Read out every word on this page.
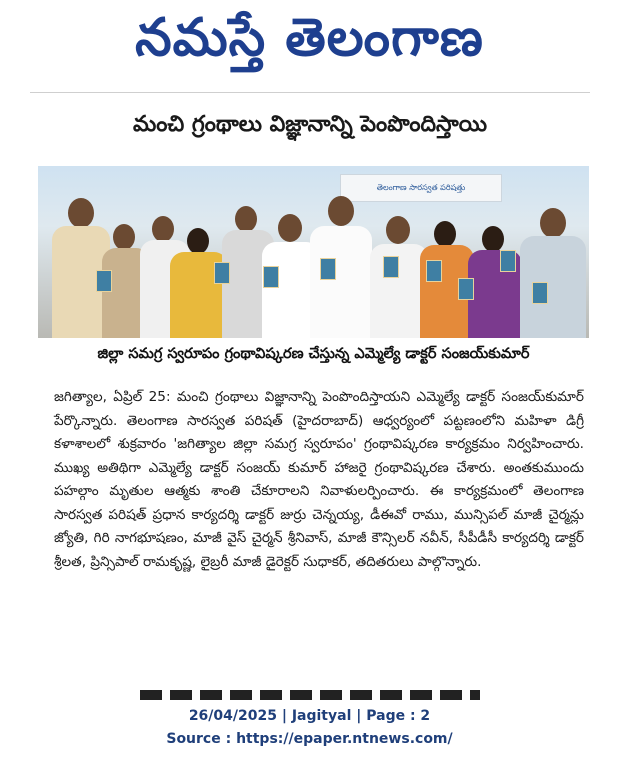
నమస్తే తెలంగాణ
మంచి గ్రంథాలు విజ్ఞానాన్ని పెంపొందిస్తాయి
తెలంగాణ సారస్వత పరిషత్తు
జిల్లా సమగ్ర స్వరూపం గ్రంథావిష్కరణ చేస్తున్న ఎమ్మెల్యే డాక్టర్ సంజయ్‌కుమార్

జగిత్యాల, ఏప్రిల్ 25: మంచి గ్రంథాలు విజ్ఞానాన్ని పెంపొందిస్తాయని ఎమ్మెల్యే డాక్టర్ సంజయ్‌కుమార్ పేర్కొన్నారు. తెలంగాణ సారస్వత పరిషత్ (హైదరాబాద్) ఆధ్వర్యంలో పట్టణంలోని మహిళా డిగ్రీ కళాశాలలో శుక్రవారం 'జగిత్యాల జిల్లా సమగ్ర స్వరూపం' గ్రంథావిష్కరణ కార్యక్రమం నిర్వహించారు. ముఖ్య అతిథిగా ఎమ్మెల్యే డాక్టర్ సంజయ్ కుమార్ హాజరై గ్రంథావిష్కరణ చేశారు. అంతకుముందు పహల్గాం మృతుల ఆత్మకు శాంతి చేకూరాలని నివాళులర్పించారు. ఈ కార్యక్రమంలో తెలంగాణ సారస్వత పరిషత్ ప్రధాన కార్యదర్శి డాక్టర్ జుర్రు చెన్నయ్య, డీఈవో రాము, మున్సిపల్ మాజీ చైర్మన్లు జ్యోతి, గిరి నాగభూషణం, మాజీ వైస్ చైర్మన్ శ్రీనివాస్, మాజీ కౌన్సిలర్ నవీన్, సీపీడీసీ కార్యదర్శి డాక్టర్ శ్రీలత, ప్రిన్సిపాల్ రామకృష్ణ, లైబ్రరీ మాజీ డైరెక్టర్ సుధాకర్, తదితరులు పాల్గొన్నారు.

26/04/2025 | Jagityal | Page : 2
Source : https://epaper.ntnews.com/
